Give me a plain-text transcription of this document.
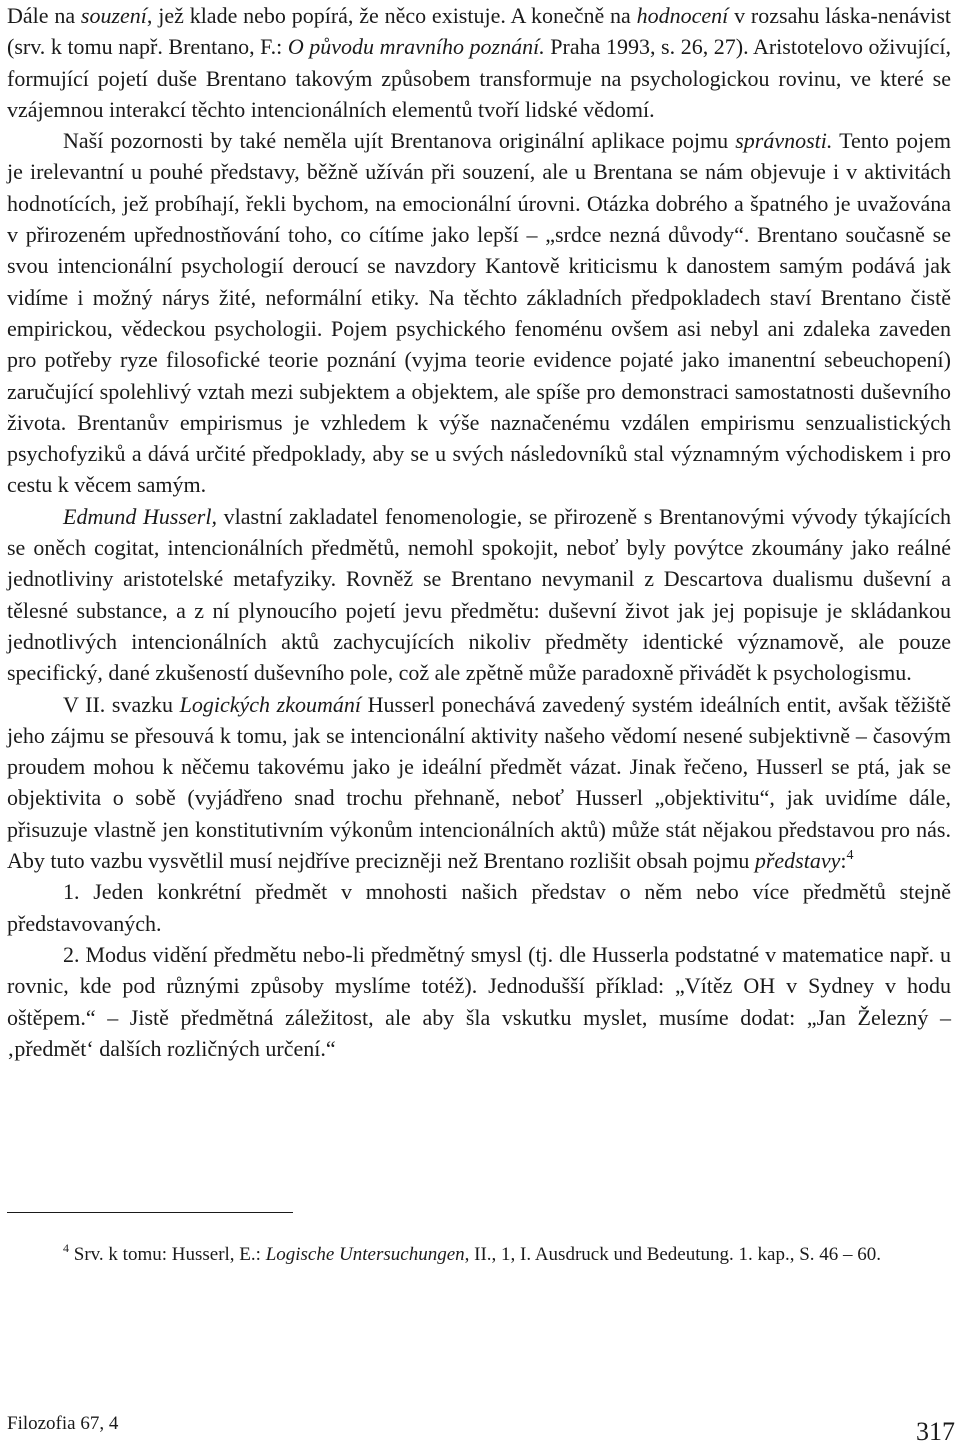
Dále na souzení, jež klade nebo popírá, že něco existuje. A konečně na hodnocení v rozsahu láska-nenávist (srv. k tomu např. Brentano, F.: O původu mravního poznání. Praha 1993, s. 26, 27). Aristotelovo oživující, formující pojetí duše Brentano takovým způsobem transformuje na psychologickou rovinu, ve které se vzájemnou interakcí těchto intencionálních elementů tvoří lidské vědomí.

Naší pozornosti by také neměla ujít Brentanova originální aplikace pojmu správnosti. Tento pojem je irelevantní u pouhé představy, běžně užíván při souzení, ale u Brentana se nám objevuje i v aktivitách hodnotících, jež probíhají, řekli bychom, na emocionální úrovni. Otázka dobrého a špatného je uvažována v přirozeném upřednostňování toho, co cítíme jako lepší ‒ „srdce nezná důvody“. Brentano současně se svou intencionální psychologií deroucí se navzdory Kantově kriticismu k danostem samým podává jak vidíme i možný nárys žité, neformální etiky. Na těchto základních předpokladech staví Brentano čistě empirickou, vědeckou psychologii. Pojem psychického fenoménu ovšem asi nebyl ani zdaleka zaveden pro potřeby ryze filosofické teorie poznání (vyjma teorie evidence pojaté jako imanentní sebeuchopení) zaručující spolehlivý vztah mezi subjektem a objektem, ale spíše pro demonstraci samostatnosti duševního života. Brentanův empirismus je vzhledem k výše naznačenému vzdálen empirismu senzualistických psychofyziků a dává určité předpoklady, aby se u svých následovníků stal významným východiskem i pro cestu k věcem samým.

Edmund Husserl, vlastní zakladatel fenomenologie, se přirozeně s Brentanovými vývody týkajících se oněch cogitat, intencionálních předmětů, nemohl spokojit, neboť byly povýtce zkoumány jako reálné jednotliviny aristotelské metafyziky. Rovněž se Brentano nevymanil z Descartova dualismu duševní a tělesné substance, a z ní plynoucího pojetí jevu předmětu: duševní život jak jej popisuje je skládankou jednotlivých intencionálních aktů zachycujících nikoliv předměty identické významově, ale pouze specifický, dané zkušeností duševního pole, což ale zpětně může paradoxně přivádět k psychologismu.

V II. svazku Logických zkoumání Husserl ponechává zavedený systém ideálních entit, avšak těžiště jeho zájmu se přesouvá k tomu, jak se intencionální aktivity našeho vědomí nesené subjektivně ‒ časovým proudem mohou k něčemu takovému jako je ideální předmět vázat. Jinak řečeno, Husserl se ptá, jak se objektivita o sobě (vyjádřeno snad trochu přehnaně, neboť Husserl „objektivitu“, jak uvidíme dále, přisuzuje vlastně jen konstitutivním výkonům intencionálních aktů) může stát nějakou představou pro nás. Aby tuto vazbu vysvětlil musí nejdříve precizněji než Brentano rozlišit obsah pojmu představy:$^4$

1. Jeden konkrétní předmět v mnohosti našich představ o něm nebo více předmětů stejně představovaných.

2. Modus vidění předmětu nebo-li předmětný smysl (tj. dle Husserla podstatné v matematice např. u rovnic, kde pod různými způsoby myslíme totéž). Jednodušší příklad: „Vítěz OH v Sydney v hodu oštěpem.“ ‒ Jistě předmětná záležitost, ale aby šla vskutku myslet, musíme dodat: „Jan Železný ‒ ‚předmět‘ dalších rozličných určení.“

$^4$ Srv. k tomu: Husserl, E.: Logische Untersuchungen, II., 1, I. Ausdruck und Bedeutung. 1. kap., S. 46 ‒ 60.

Filozofia 67, 4	317
